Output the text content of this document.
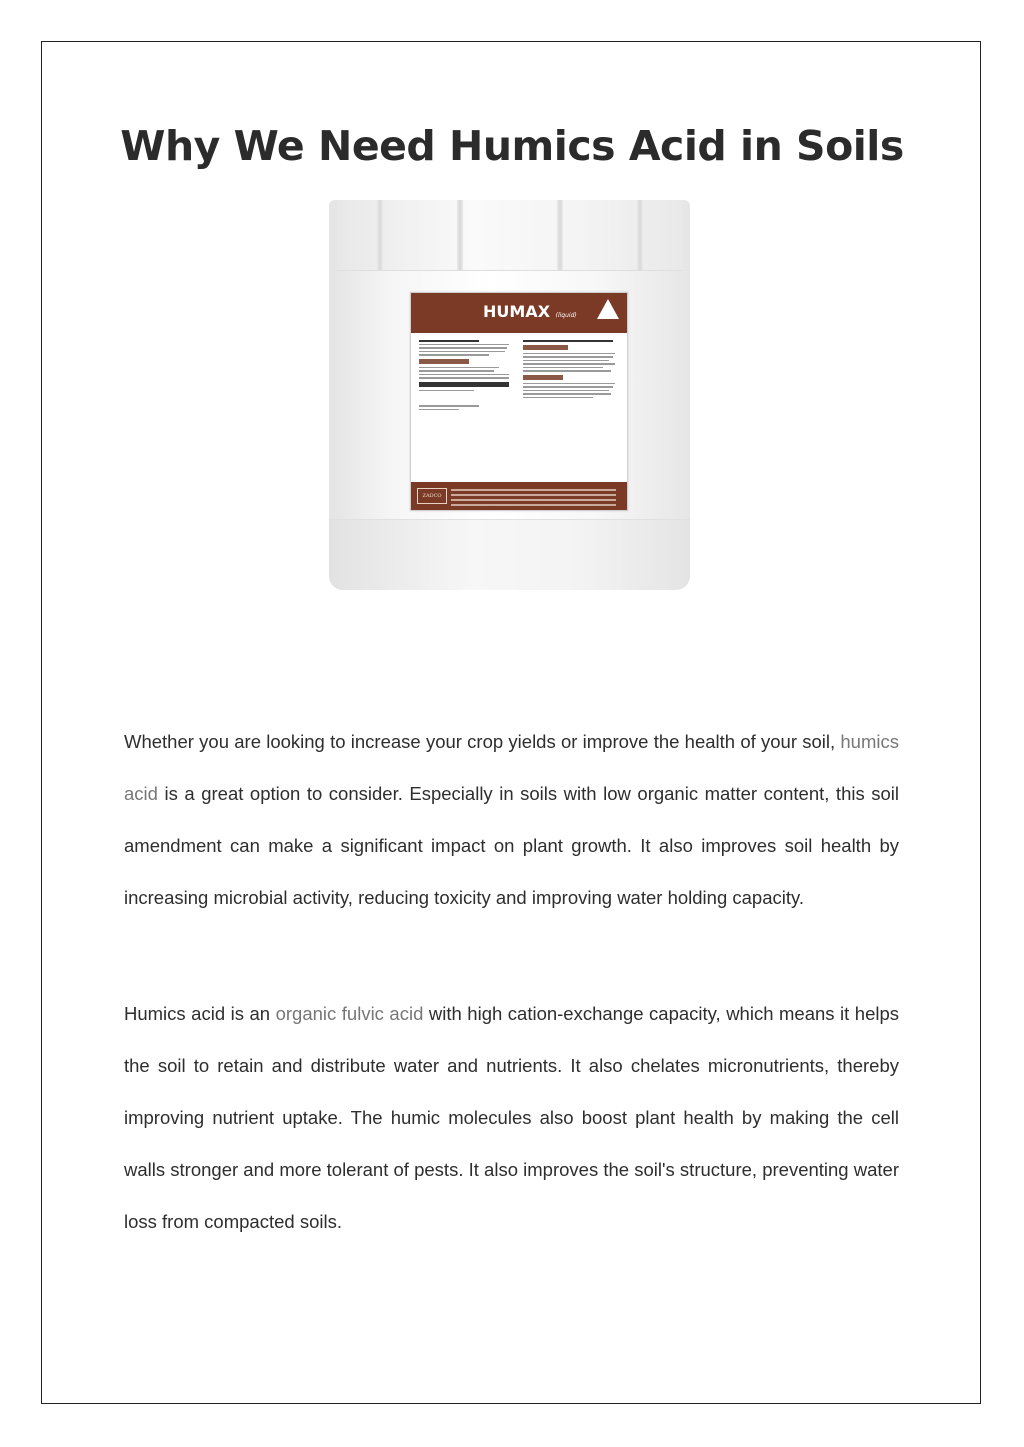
Why We Need Humics Acid in Soils
HUMAX (liquid)
ZADCO

Whether you are looking to increase your crop yields or improve the health of your soil, humics acid is a great option to consider. Especially in soils with low organic matter content, this soil amendment can make a significant impact on plant growth. It also improves soil health by increasing microbial activity, reducing toxicity and improving water holding capacity.

Humics acid is an organic fulvic acid with high cation-exchange capacity, which means it helps the soil to retain and distribute water and nutrients. It also chelates micronutrients, thereby improving nutrient uptake. The humic molecules also boost plant health by making the cell walls stronger and more tolerant of pests. It also improves the soil's structure, preventing water loss from compacted soils.
